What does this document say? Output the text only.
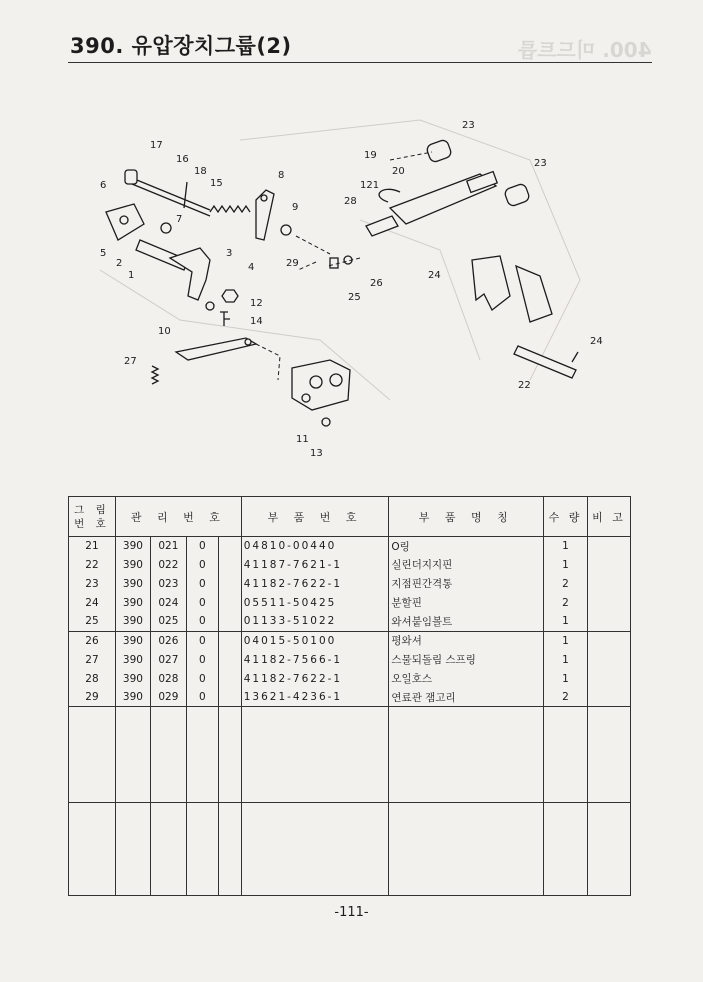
390. 유압장치그룹(2)	400. 미드트릅
17
16
18
6	15
8
7
9
5
2
3
1
4
12
14
10
27
11
13
23
19
20
121
28
29
25
26
23
24
24
22
그 림
번 호	관 리 번 호				부 품 번 호	부 품 명 칭	수 량	비 고
21	390	021	0		04810-00440	O링	1	
22	390	022	0		41187-7621-1	실린더지지핀	1	
23	390	023	0		41182-7622-1	지점핀간격통	2	
24	390	024	0		05511-50425	분할핀	2	
25	390	025	0		01133-51022	와셔붙임볼트	1	
26	390	026	0		04015-50100	평와셔	1	
27	390	027	0		41182-7566-1	스물되돌림 스프링	1	
28	390	028	0		41182-7622-1	오일호스	1	
29	390	029	0		13621-4236-1	연료관 잼고리	2	

-111-
